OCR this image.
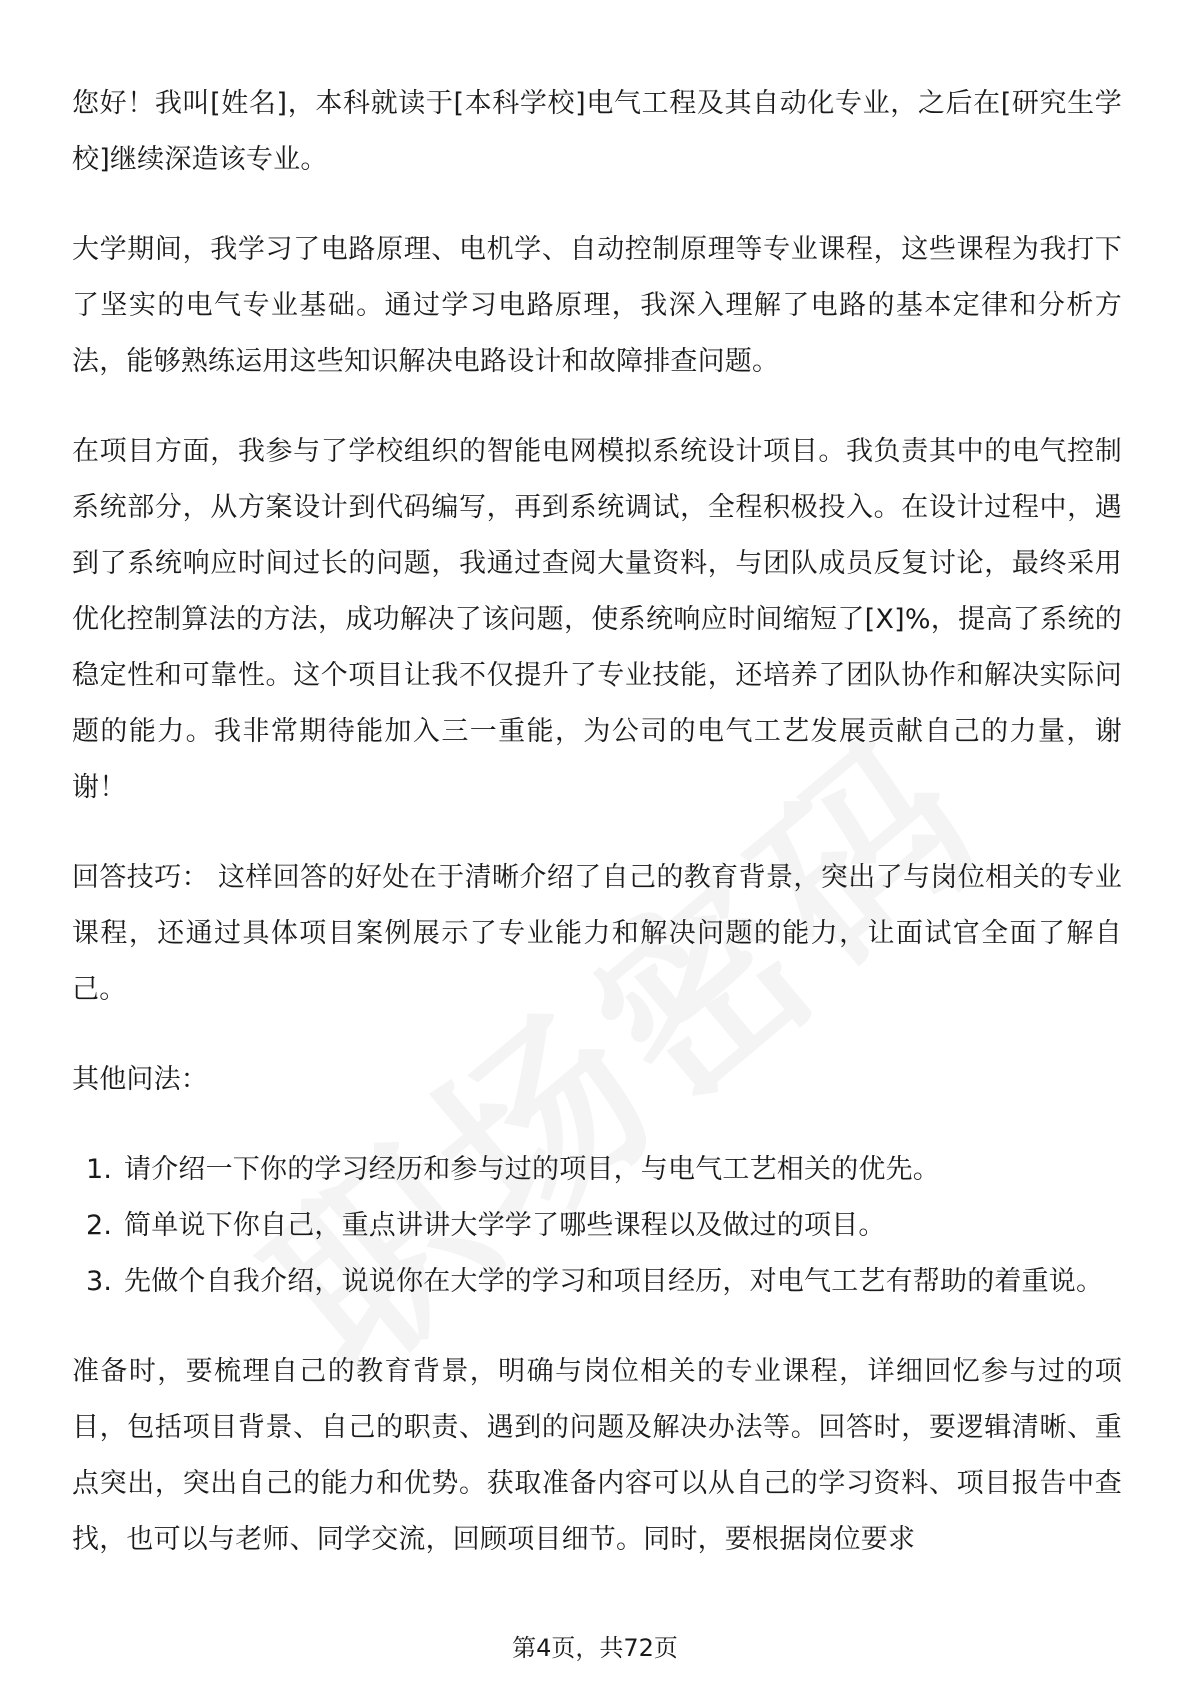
您好！我叫[姓名]，本科就读于[本科学校]电气工程及其自动化专业，之后在[研究生学校]继续深造该专业。

大学期间，我学习了电路原理、电机学、自动控制原理等专业课程，这些课程为我打下了坚实的电气专业基础。通过学习电路原理，我深入理解了电路的基本定律和分析方法，能够熟练运用这些知识解决电路设计和故障排查问题。

在项目方面，我参与了学校组织的智能电网模拟系统设计项目。我负责其中的电气控制系统部分，从方案设计到代码编写，再到系统调试，全程积极投入。在设计过程中，遇到了系统响应时间过长的问题，我通过查阅大量资料，与团队成员反复讨论，最终采用优化控制算法的方法，成功解决了该问题，使系统响应时间缩短了[X]%，提高了系统的稳定性和可靠性。这个项目让我不仅提升了专业技能，还培养了团队协作和解决实际问题的能力。我非常期待能加入三一重能，为公司的电气工艺发展贡献自己的力量，谢谢！

回答技巧： 这样回答的好处在于清晰介绍了自己的教育背景，突出了与岗位相关的专业课程，还通过具体项目案例展示了专业能力和解决问题的能力，让面试官全面了解自己。

其他问法：

1. 请介绍一下你的学习经历和参与过的项目，与电气工艺相关的优先。
2. 简单说下你自己，重点讲讲大学学了哪些课程以及做过的项目。
3. 先做个自我介绍，说说你在大学的学习和项目经历，对电气工艺有帮助的着重说。

准备时，要梳理自己的教育背景，明确与岗位相关的专业课程，详细回忆参与过的项目，包括项目背景、自己的职责、遇到的问题及解决办法等。回答时，要逻辑清晰、重点突出，突出自己的能力和优势。获取准备内容可以从自己的学习资料、项目报告中查找，也可以与老师、同学交流，回顾项目细节。同时，要根据岗位要求

第4页，共72页
